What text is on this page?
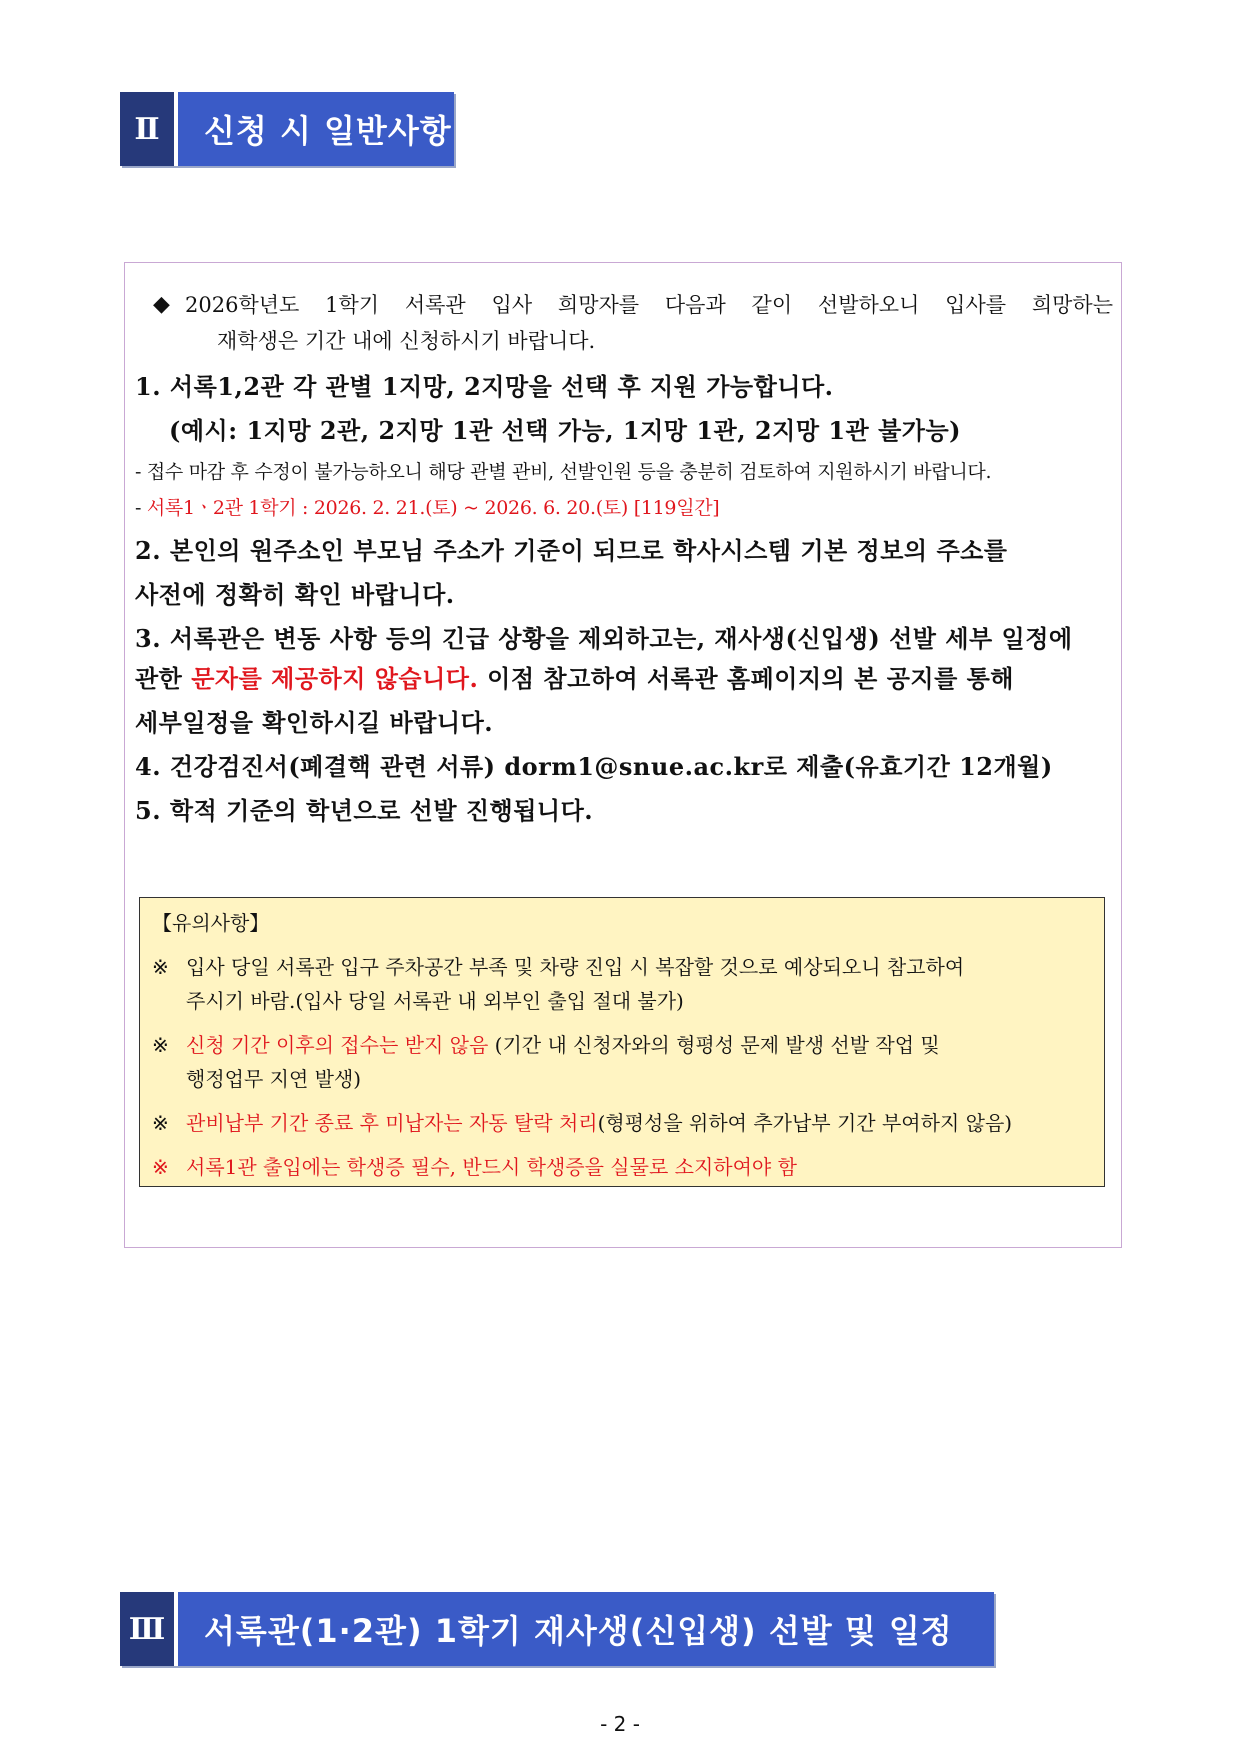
Ⅱ	신청 시 일반사항
◆ 2026학년도 1학기 서록관 입사 희망자를 다음과 같이 선발하오니 입사를 희망하는
재학생은 기간 내에 신청하시기 바랍니다.
1. 서록1,2관 각 관별 1지망, 2지망을 선택 후 지원 가능합니다.
(예시: 1지망 2관, 2지망 1관 선택 가능, 1지망 1관, 2지망 1관 불가능)
- 접수 마감 후 수정이 불가능하오니 해당 관별 관비, 선발인원 등을 충분히 검토하여 지원하시기 바랍니다.
- 서록1ㆍ2관 1학기 : 2026. 2. 21.(토) ~ 2026. 6. 20.(토) [119일간]
2. 본인의 원주소인 부모님 주소가 기준이 되므로 학사시스템 기본 정보의 주소를
사전에 정확히 확인 바랍니다.
3. 서록관은 변동 사항 등의 긴급 상황을 제외하고는, 재사생(신입생) 선발 세부 일정에
관한 문자를 제공하지 않습니다. 이점 참고하여 서록관 홈페이지의 본 공지를 통해
세부일정을 확인하시길 바랍니다.
4. 건강검진서(폐결핵 관련 서류) dorm1@snue.ac.kr로 제출(유효기간 12개월)
5. 학적 기준의 학년으로 선발 진행됩니다.
【유의사항】
※ 입사 당일 서록관 입구 주차공간 부족 및 차량 진입 시 복잡할 것으로 예상되오니 참고하여
주시기 바람.(입사 당일 서록관 내 외부인 출입 절대 불가)
※ 신청 기간 이후의 접수는 받지 않음 (기간 내 신청자와의 형평성 문제 발생 선발 작업 및
행정업무 지연 발생)
※ 관비납부 기간 종료 후 미납자는 자동 탈락 처리(형평성을 위하여 추가납부 기간 부여하지 않음)
※ 서록1관 출입에는 학생증 필수, 반드시 학생증을 실물로 소지하여야 함
Ⅲ	서록관(1·2관) 1학기 재사생(신입생) 선발 및 일정
- 2 -
